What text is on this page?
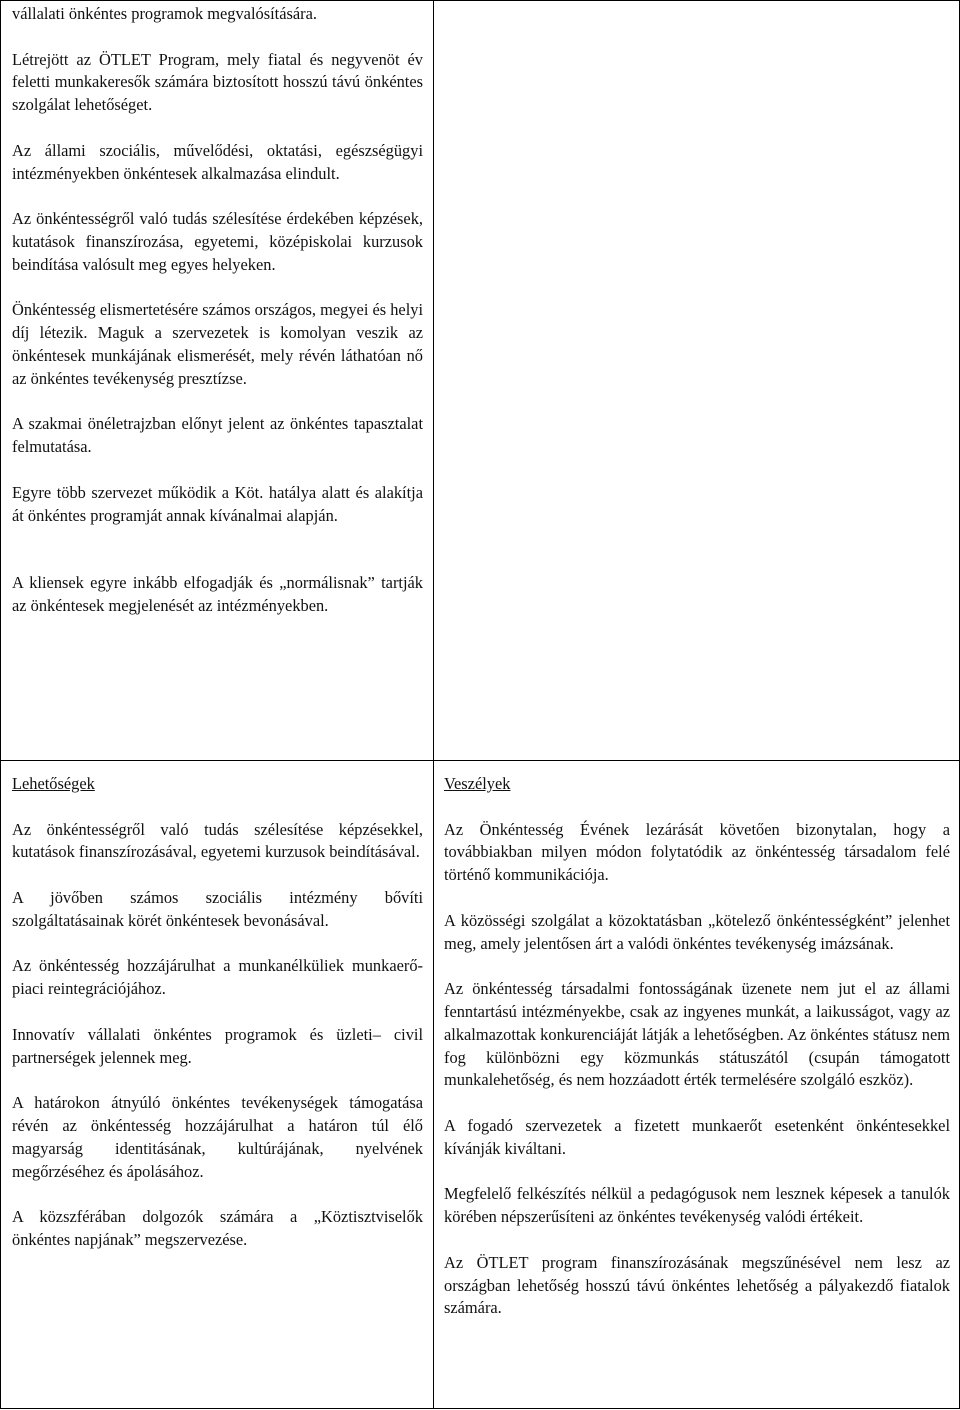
vállalati önkéntes programok megvalósítására.

Létrejött az ÖTLET Program, mely fiatal és negyvenöt év feletti munkakeresők számára biztosított hosszú távú önkéntes szolgálat lehetőséget.

Az állami szociális, művelődési, oktatási, egészségügyi intézményekben önkéntesek alkalmazása elindult.

Az önkéntességről való tudás szélesítése érdekében képzések, kutatások finanszírozása, egyetemi, középiskolai kurzusok beindítása valósult meg egyes helyeken.

Önkéntesség elismertetésére számos országos, megyei és helyi díj létezik. Maguk a szervezetek is komolyan veszik az önkéntesek munkájának elismerését, mely révén láthatóan nő az önkéntes tevékenység presztízse.

A szakmai önéletrajzban előnyt jelent az önkéntes tapasztalat felmutatása.

Egyre több szervezet működik a Köt. hatálya alatt és alakítja át önkéntes programját annak kívánalmai alapján.

A kliensek egyre inkább elfogadják és „normálisnak” tartják az önkéntesek megjelenését az intézményekben.

Lehetőségek

Az önkéntességről való tudás szélesítése képzésekkel, kutatások finanszírozásával, egyetemi kurzusok beindításával.

A jövőben számos szociális intézmény bővíti szolgáltatásainak körét önkéntesek bevonásával.

Az önkéntesség hozzájárulhat a munkanélküliek munkaerő-piaci reintegrációjához.

Innovatív vállalati önkéntes programok és üzleti– civil partnerségek jelennek meg.

A határokon átnyúló önkéntes tevékenységek támogatása révén az önkéntesség hozzájárulhat a határon túl élő magyarság identitásának, kultúrájának, nyelvének megőrzéséhez és ápolásához.

A közszférában dolgozók számára a „Köztisztviselők önkéntes napjának” megszervezése.

Veszélyek

Az Önkéntesség Évének lezárását követően bizonytalan, hogy a továbbiakban milyen módon folytatódik az önkéntesség társadalom felé történő kommunikációja.

A közösségi szolgálat a közoktatásban „kötelező önkéntességként” jelenhet meg, amely jelentősen árt a valódi önkéntes tevékenység imázsának.

Az önkéntesség társadalmi fontosságának üzenete nem jut el az állami fenntartású intézményekbe, csak az ingyenes munkát, a laikusságot, vagy az alkalmazottak konkurenciáját látják a lehetőségben. Az önkéntes státusz nem fog különbözni egy közmunkás státuszától (csupán támogatott munkalehetőség, és nem hozzáadott érték termelésére szolgáló eszköz).

A fogadó szervezetek a fizetett munkaerőt esetenként önkéntesekkel kívánják kiváltani.

Megfelelő felkészítés nélkül a pedagógusok nem lesznek képesek a tanulók körében népszerűsíteni az önkéntes tevékenység valódi értékeit.

Az ÖTLET program finanszírozásának megszűnésével nem lesz az országban lehetőség hosszú távú önkéntes lehetőség a pályakezdő fiatalok számára.
